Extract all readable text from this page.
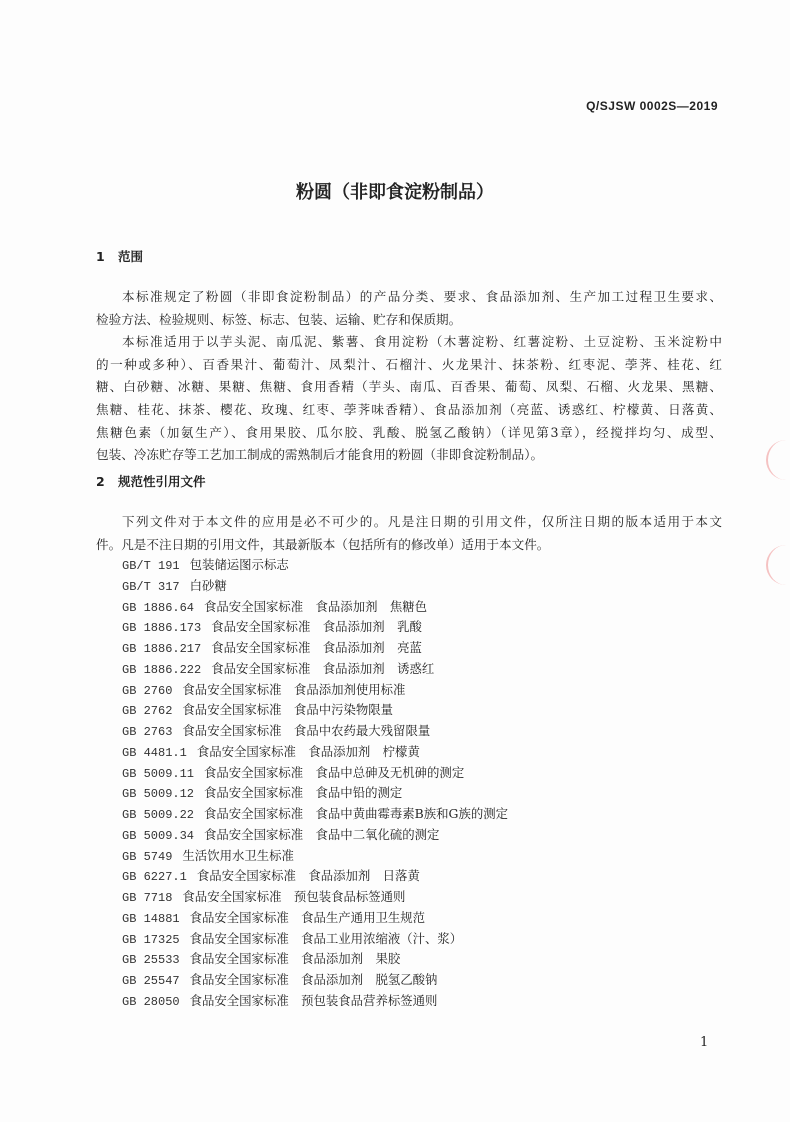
Q/SJSW 0002S—2019
粉圆（非即食淀粉制品）
1 范围
本标准规定了粉圆（非即食淀粉制品）的产品分类、要求、食品添加剂、生产加工过程卫生要求、
检验方法、检验规则、标签、标志、包装、运输、贮存和保质期。
本标准适用于以芋头泥、南瓜泥、紫薯、食用淀粉（木薯淀粉、红薯淀粉、土豆淀粉、玉米淀粉中
的一种或多种）、百香果汁、葡萄汁、凤梨汁、石榴汁、火龙果汁、抹茶粉、红枣泥、荸荠、桂花、红
糖、白砂糖、冰糖、果糖、焦糖、食用香精（芋头、南瓜、百香果、葡萄、凤梨、石榴、火龙果、黑糖、
焦糖、桂花、抹茶、樱花、玫瑰、红枣、荸荠味香精）、食品添加剂（亮蓝、诱惑红、柠檬黄、日落黄、
焦糖色素（加氨生产）、食用果胶、瓜尔胶、乳酸、脱氢乙酸钠）（详见第3章），经搅拌均匀、成型、
包装、冷冻贮存等工艺加工制成的需熟制后才能食用的粉圆（非即食淀粉制品）。
2 规范性引用文件
下列文件对于本文件的应用是必不可少的。凡是注日期的引用文件，仅所注日期的版本适用于本文
件。凡是不注日期的引用文件，其最新版本（包括所有的修改单）适用于本文件。
GB/T 191 包装储运图示标志
GB/T 317 白砂糖
GB 1886.64 食品安全国家标准　食品添加剂　焦糖色
GB 1886.173 食品安全国家标准　食品添加剂　乳酸
GB 1886.217 食品安全国家标准　食品添加剂　亮蓝
GB 1886.222 食品安全国家标准　食品添加剂　诱惑红
GB 2760 食品安全国家标准　食品添加剂使用标准
GB 2762 食品安全国家标准　食品中污染物限量
GB 2763 食品安全国家标准　食品中农药最大残留限量
GB 4481.1 食品安全国家标准　食品添加剂　柠檬黄
GB 5009.11 食品安全国家标准　食品中总砷及无机砷的测定
GB 5009.12 食品安全国家标准　食品中铅的测定
GB 5009.22 食品安全国家标准　食品中黄曲霉毒素B族和G族的测定
GB 5009.34 食品安全国家标准　食品中二氧化硫的测定
GB 5749 生活饮用水卫生标准
GB 6227.1 食品安全国家标准　食品添加剂　日落黄
GB 7718 食品安全国家标准　预包装食品标签通则
GB 14881 食品安全国家标准　食品生产通用卫生规范
GB 17325 食品安全国家标准　食品工业用浓缩液（汁、浆）
GB 25533 食品安全国家标准　食品添加剂　果胶
GB 25547 食品安全国家标准　食品添加剂　脱氢乙酸钠
GB 28050 食品安全国家标准　预包装食品营养标签通则
1
